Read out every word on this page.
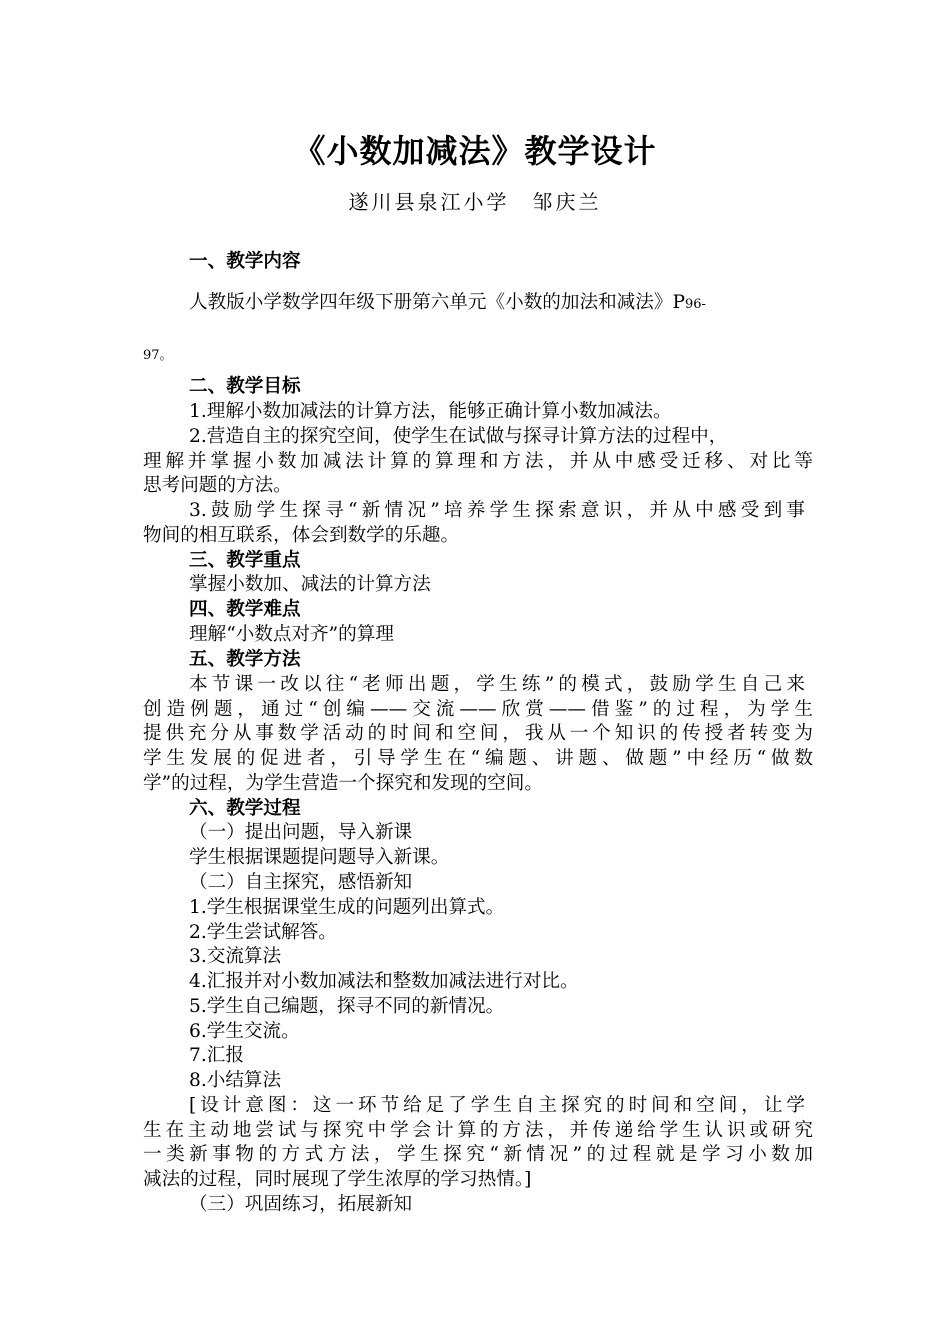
《小数加减法》教学设计
遂川县泉江小学　邹庆兰
一、教学内容
人教版小学数学四年级下册第六单元《小数的加法和减法》P96-
97。
二、教学目标
1.理解小数加减法的计算方法，能够正确计算小数加减法。
2.营造自主的探究空间，使学生在试做与探寻计算方法的过程中，
理解并掌握小数加减法计算的算理和方法，并从中感受迁移、对比等
思考问题的方法。
3.鼓励学生探寻“新情况”培养学生探索意识，并从中感受到事
物间的相互联系，体会到数学的乐趣。
三、教学重点
掌握小数加、减法的计算方法
四、教学难点
理解“小数点对齐”的算理
五、教学方法
本节课一改以往“老师出题，学生练”的模式，鼓励学生自己来
创造例题，通过“创编——交流——欣赏——借鉴”的过程，为学生
提供充分从事数学活动的时间和空间，我从一个知识的传授者转变为
学生发展的促进者，引导学生在“编题、讲题、做题”中经历“做数
学”的过程，为学生营造一个探究和发现的空间。
六、教学过程
（一）提出问题，导入新课
学生根据课题提问题导入新课。
（二）自主探究，感悟新知
1.学生根据课堂生成的问题列出算式。
2.学生尝试解答。
3.交流算法
4.汇报并对小数加减法和整数加减法进行对比。
5.学生自己编题，探寻不同的新情况。
6.学生交流。
7.汇报
8.小结算法
[设计意图：这一环节给足了学生自主探究的时间和空间，让学
生在主动地尝试与探究中学会计算的方法，并传递给学生认识或研究
一类新事物的方式方法，学生探究“新情况”的过程就是学习小数加
减法的过程，同时展现了学生浓厚的学习热情。]
（三）巩固练习，拓展新知
